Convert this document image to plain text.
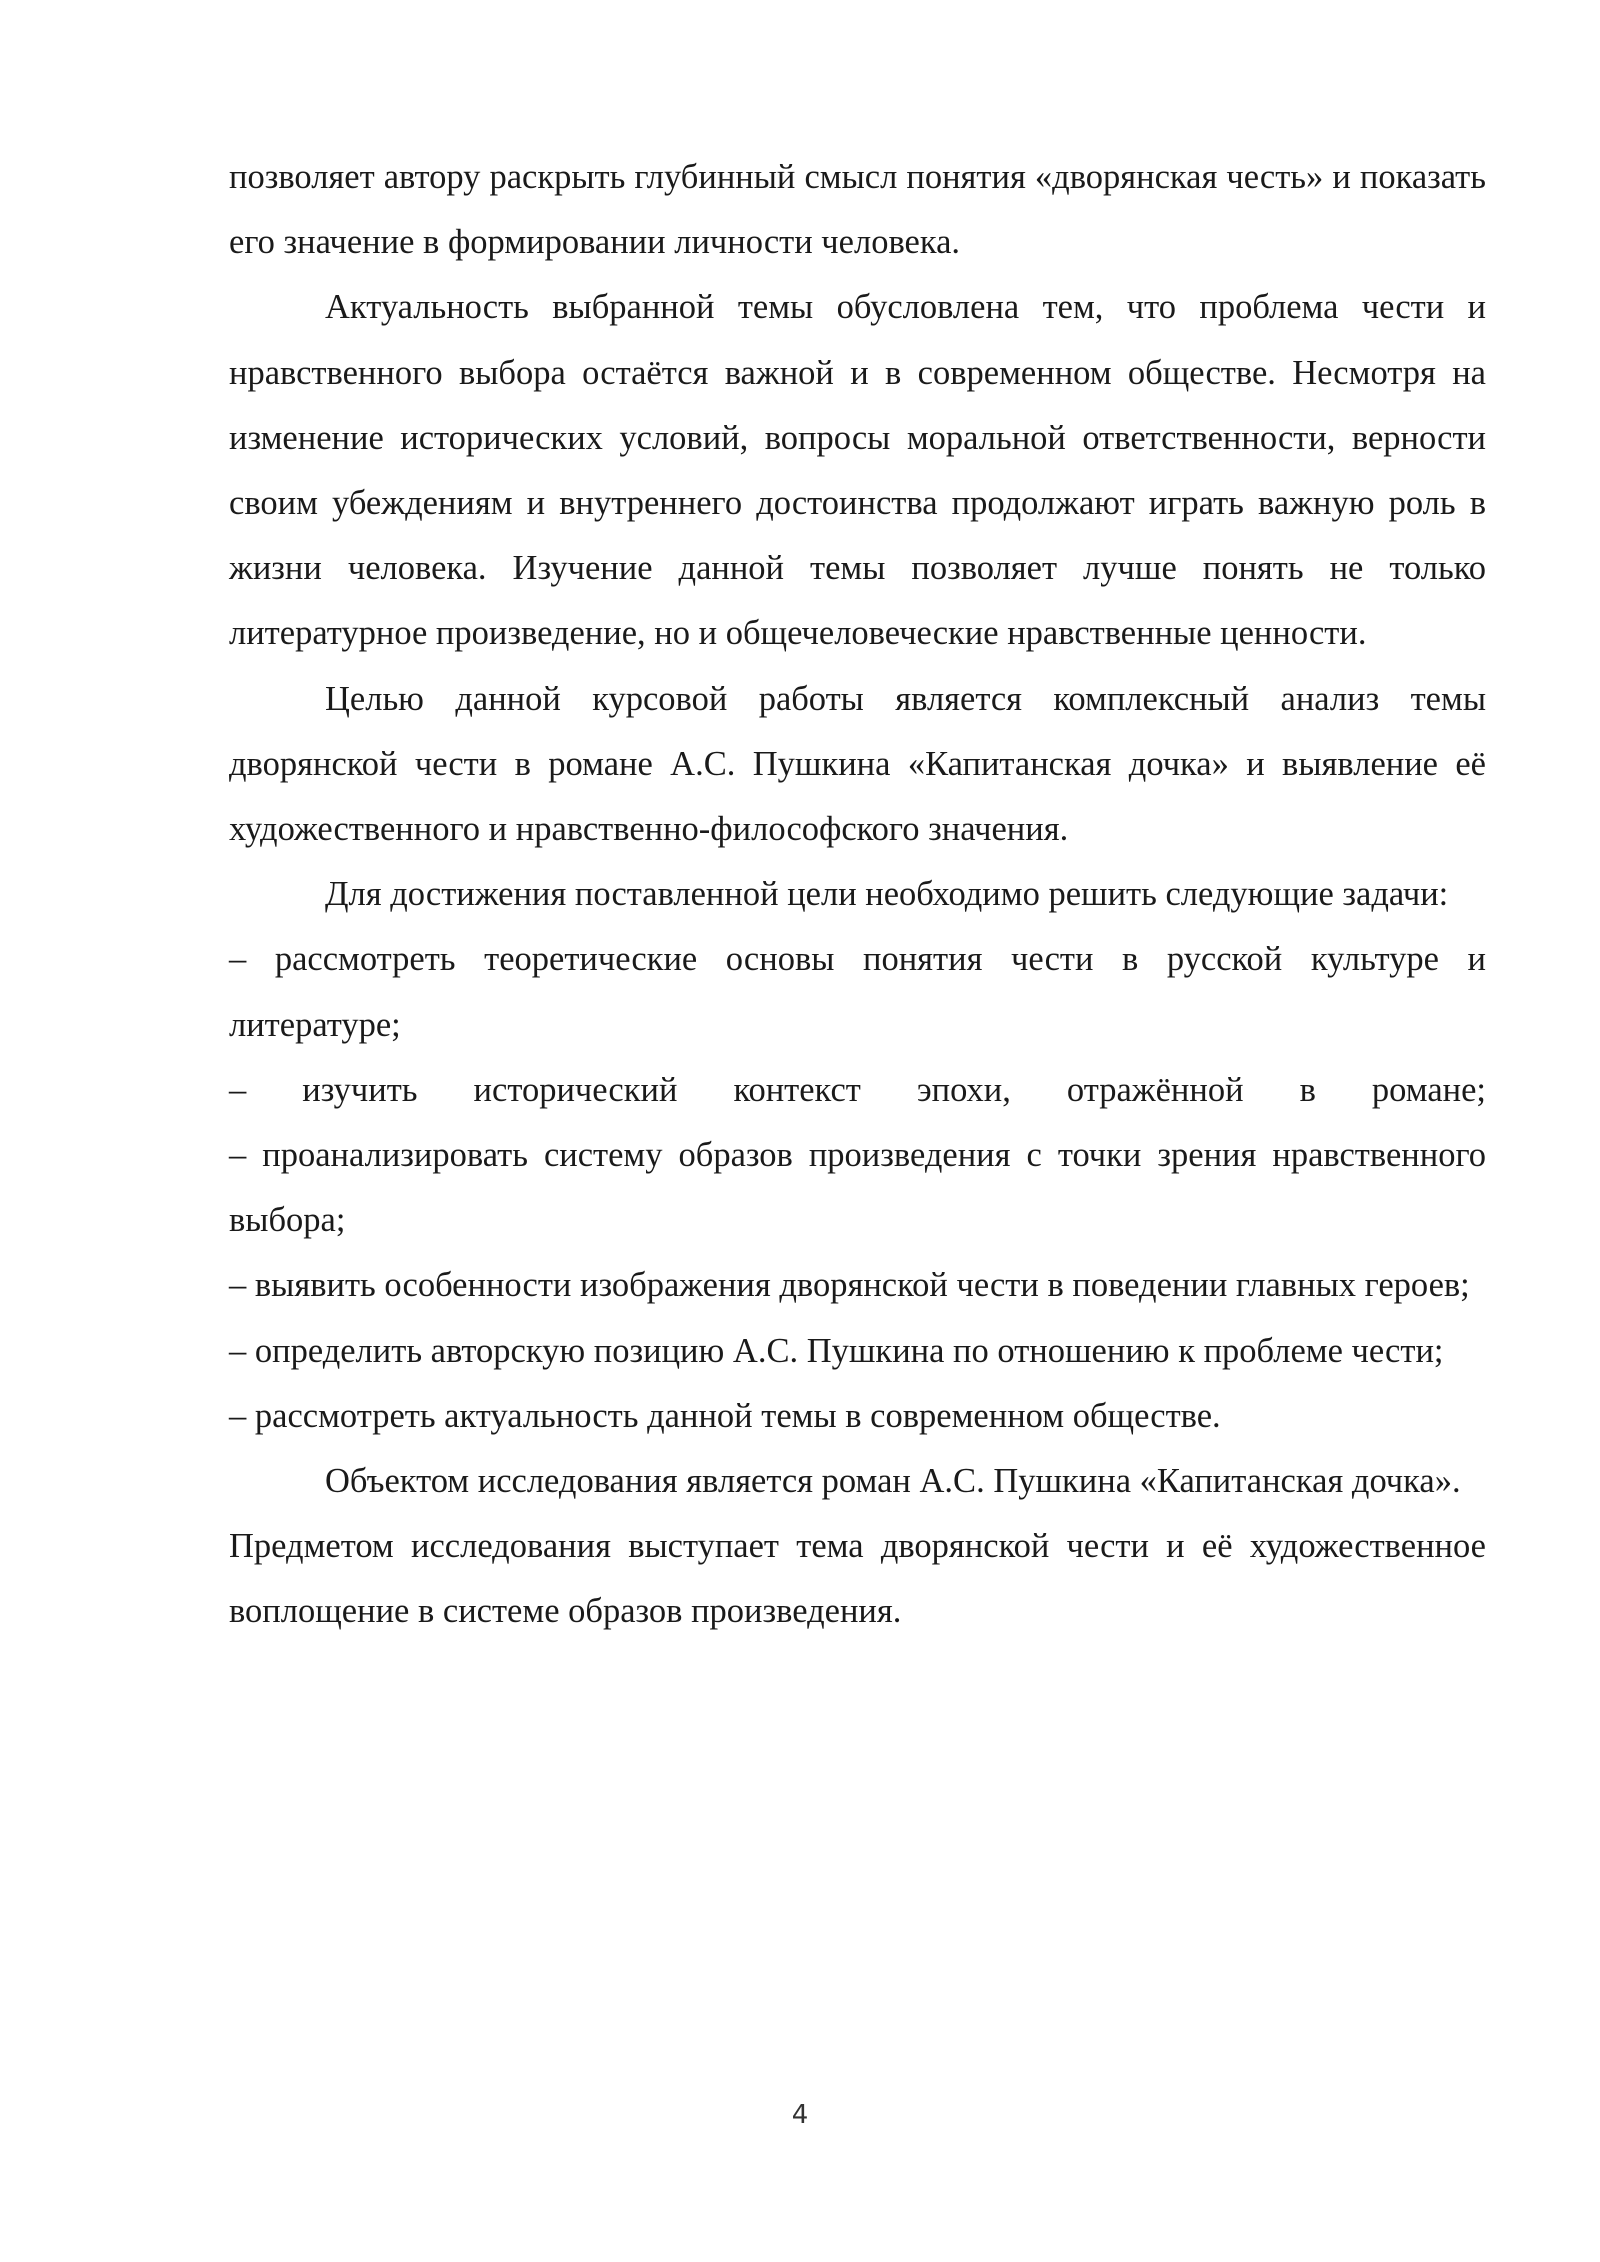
позволяет автору раскрыть глубинный смысл понятия «дворянская честь» и показать его значение в формировании личности человека.

Актуальность выбранной темы обусловлена тем, что проблема чести и нравственного выбора остаётся важной и в современном обществе. Несмотря на изменение исторических условий, вопросы моральной ответственности, верности своим убеждениям и внутреннего достоинства продолжают играть важную роль в жизни человека. Изучение данной темы позволяет лучше понять не только литературное произведение, но и общечеловеческие нравственные ценности.

Целью данной курсовой работы является комплексный анализ темы дворянской чести в романе А.С. Пушкина «Капитанская дочка» и выявление её художественного и нравственно-философского значения.

Для достижения поставленной цели необходимо решить следующие задачи:

– рассмотреть теоретические основы понятия чести в русской культуре и литературе;

– изучить исторический контекст эпохи, отражённой в романе;

– проанализировать систему образов произведения с точки зрения нравственного выбора;

– выявить особенности изображения дворянской чести в поведении главных героев;

– определить авторскую позицию А.С. Пушкина по отношению к проблеме чести;

– рассмотреть актуальность данной темы в современном обществе.

Объектом исследования является роман А.С. Пушкина «Капитанская дочка».

Предметом исследования выступает тема дворянской чести и её художественное воплощение в системе образов произведения.

4
